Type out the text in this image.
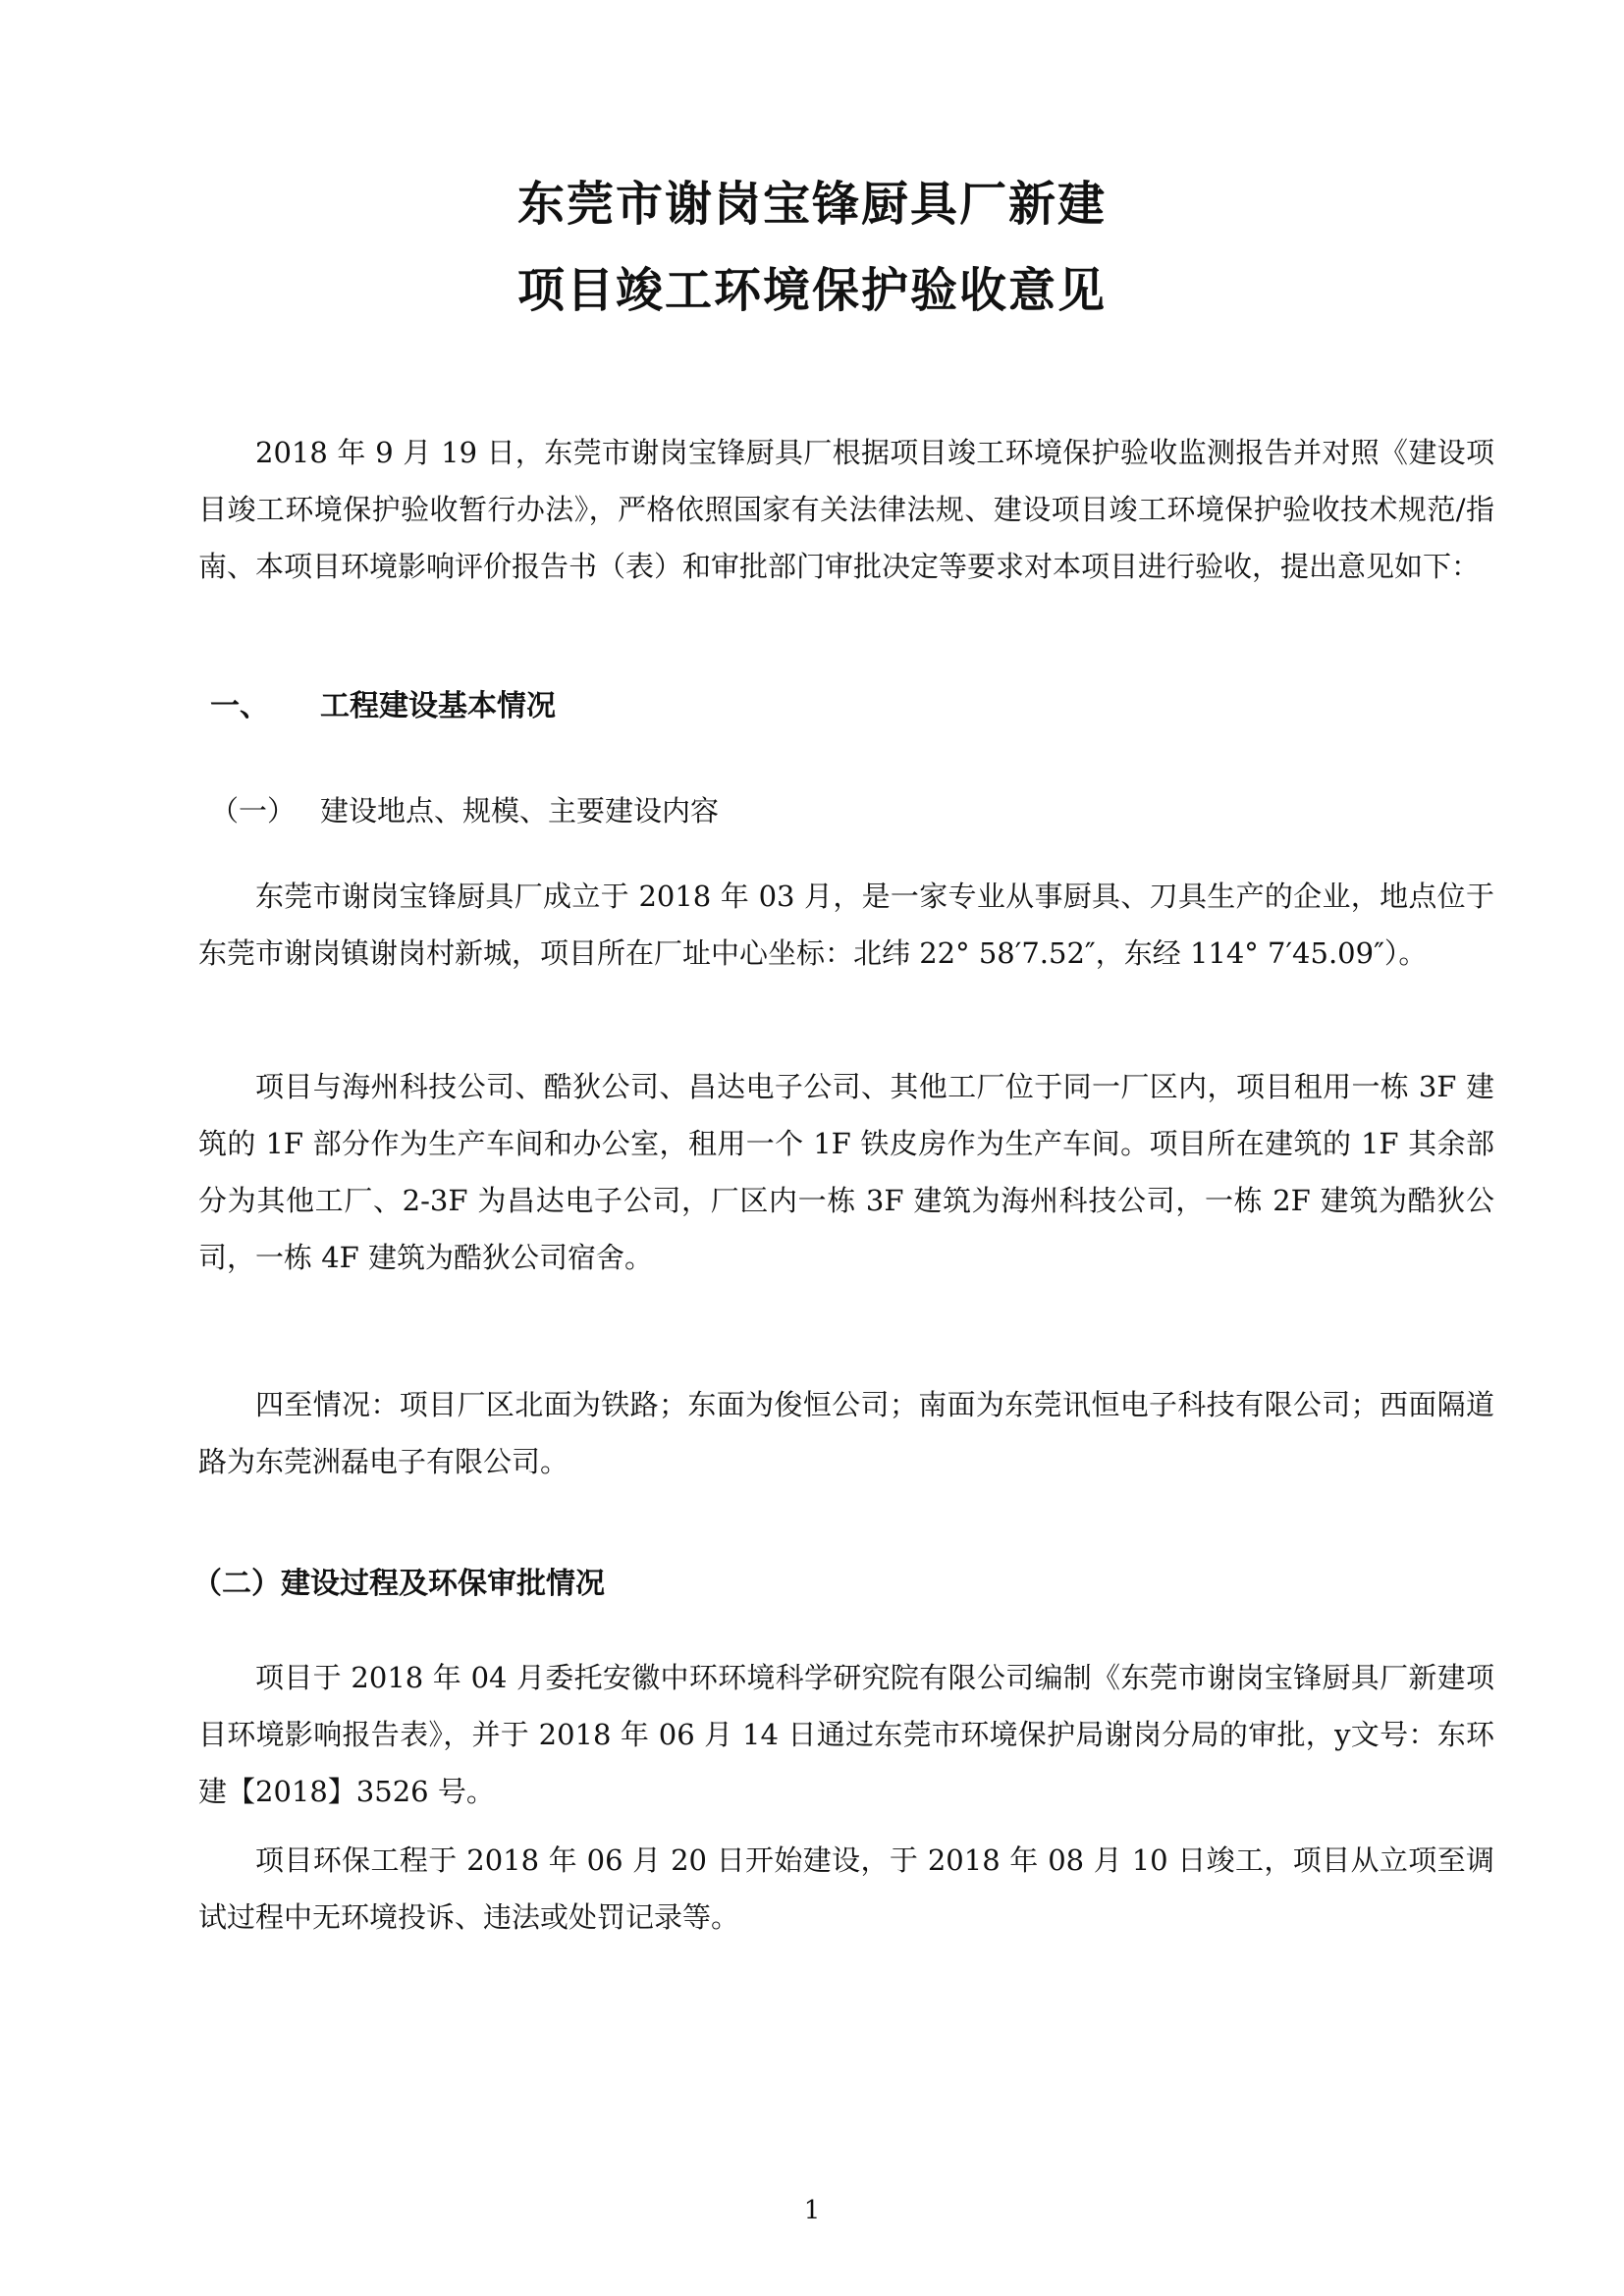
东莞市谢岗宝锋厨具厂新建
项目竣工环境保护验收意见

2018 年 9 月 19 日，东莞市谢岗宝锋厨具厂根据项目竣工环境保护验收监测报告并对照《建设项目竣工环境保护验收暂行办法》，严格依照国家有关法律法规、建设项目竣工环境保护验收技术规范/指南、本项目环境影响评价报告书（表）和审批部门审批决定等要求对本项目进行验收，提出意见如下：

一、 工程建设基本情况
（一） 建设地点、规模、主要建设内容

东莞市谢岗宝锋厨具厂成立于 2018 年 03 月，是一家专业从事厨具、刀具生产的企业，地点位于东莞市谢岗镇谢岗村新城，项目所在厂址中心坐标：北纬 22° 58′7.52″，东经 114° 7′45.09″）。

项目与海州科技公司、酷狄公司、昌达电子公司、其他工厂位于同一厂区内，项目租用一栋 3F 建筑的 1F 部分作为生产车间和办公室，租用一个 1F 铁皮房作为生产车间。项目所在建筑的 1F 其余部分为其他工厂、2-3F 为昌达电子公司，厂区内一栋 3F 建筑为海州科技公司，一栋 2F 建筑为酷狄公司，一栋 4F 建筑为酷狄公司宿舍。

四至情况：项目厂区北面为铁路；东面为俊恒公司；南面为东莞讯恒电子科技有限公司；西面隔道路为东莞洲磊电子有限公司。

（二）建设过程及环保审批情况

项目于 2018 年 04 月委托安徽中环环境科学研究院有限公司编制《东莞市谢岗宝锋厨具厂新建项目环境影响报告表》，并于 2018 年 06 月 14 日通过东莞市环境保护局谢岗分局的审批，y文号：东环建【2018】3526 号。

项目环保工程于 2018 年 06 月 20 日开始建设，于 2018 年 08 月 10 日竣工，项目从立项至调试过程中无环境投诉、违法或处罚记录等。

1
